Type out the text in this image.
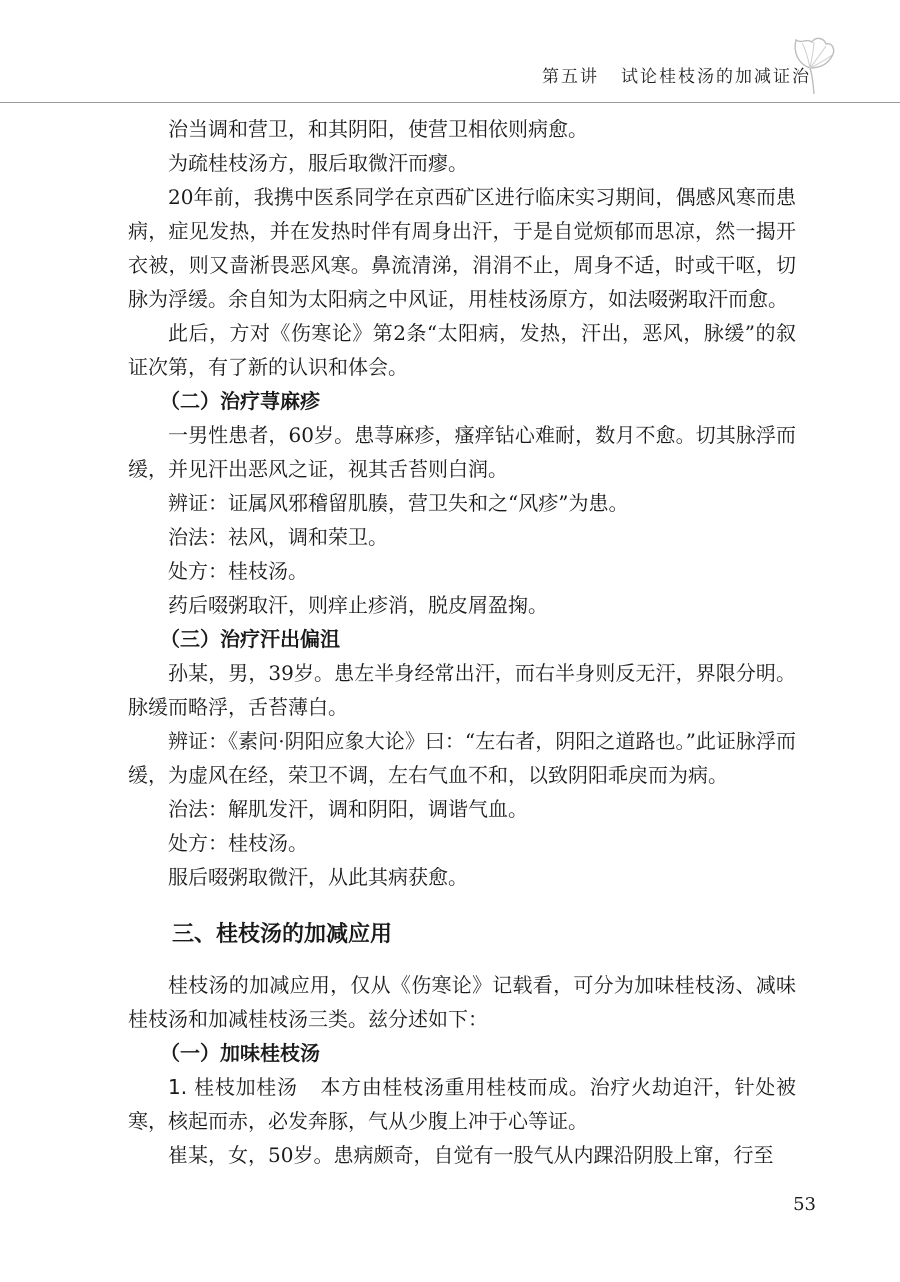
第五讲 试论桂枝汤的加减证治

治当调和营卫，和其阴阳，使营卫相依则病愈。

为疏桂枝汤方，服后取微汗而瘳。

20年前，我携中医系同学在京西矿区进行临床实习期间，偶感风寒而患病，症见发热，并在发热时伴有周身出汗，于是自觉烦郁而思凉，然一揭开衣被，则又啬淅畏恶风寒。鼻流清涕，涓涓不止，周身不适，时或干呕，切脉为浮缓。余自知为太阳病之中风证，用桂枝汤原方，如法啜粥取汗而愈。

此后，方对《伤寒论》第2条“太阳病，发热，汗出，恶风，脉缓”的叙证次第，有了新的认识和体会。

（二）治疗荨麻疹

一男性患者，60岁。患荨麻疹，瘙痒钻心难耐，数月不愈。切其脉浮而缓，并见汗出恶风之证，视其舌苔则白润。

辨证：证属风邪稽留肌腠，营卫失和之“风疹”为患。

治法：祛风，调和荣卫。

处方：桂枝汤。

药后啜粥取汗，则痒止疹消，脱皮屑盈掬。

（三）治疗汗出偏沮

孙某，男，39岁。患左半身经常出汗，而右半身则反无汗，界限分明。脉缓而略浮，舌苔薄白。

辨证：《素问·阴阳应象大论》曰：“左右者，阴阳之道路也。”此证脉浮而缓，为虚风在经，荣卫不调，左右气血不和，以致阴阳乖戾而为病。

治法：解肌发汗，调和阴阳，调谐气血。

处方：桂枝汤。

服后啜粥取微汗，从此其病获愈。

三、桂枝汤的加减应用

桂枝汤的加减应用，仅从《伤寒论》记载看，可分为加味桂枝汤、减味桂枝汤和加减桂枝汤三类。兹分述如下：

（一）加味桂枝汤

1. 桂枝加桂汤 本方由桂枝汤重用桂枝而成。治疗火劫迫汗，针处被寒，核起而赤，必发奔豚，气从少腹上冲于心等证。

崔某，女，50岁。患病颇奇，自觉有一股气从内踝沿阴股上窜，行至

53
